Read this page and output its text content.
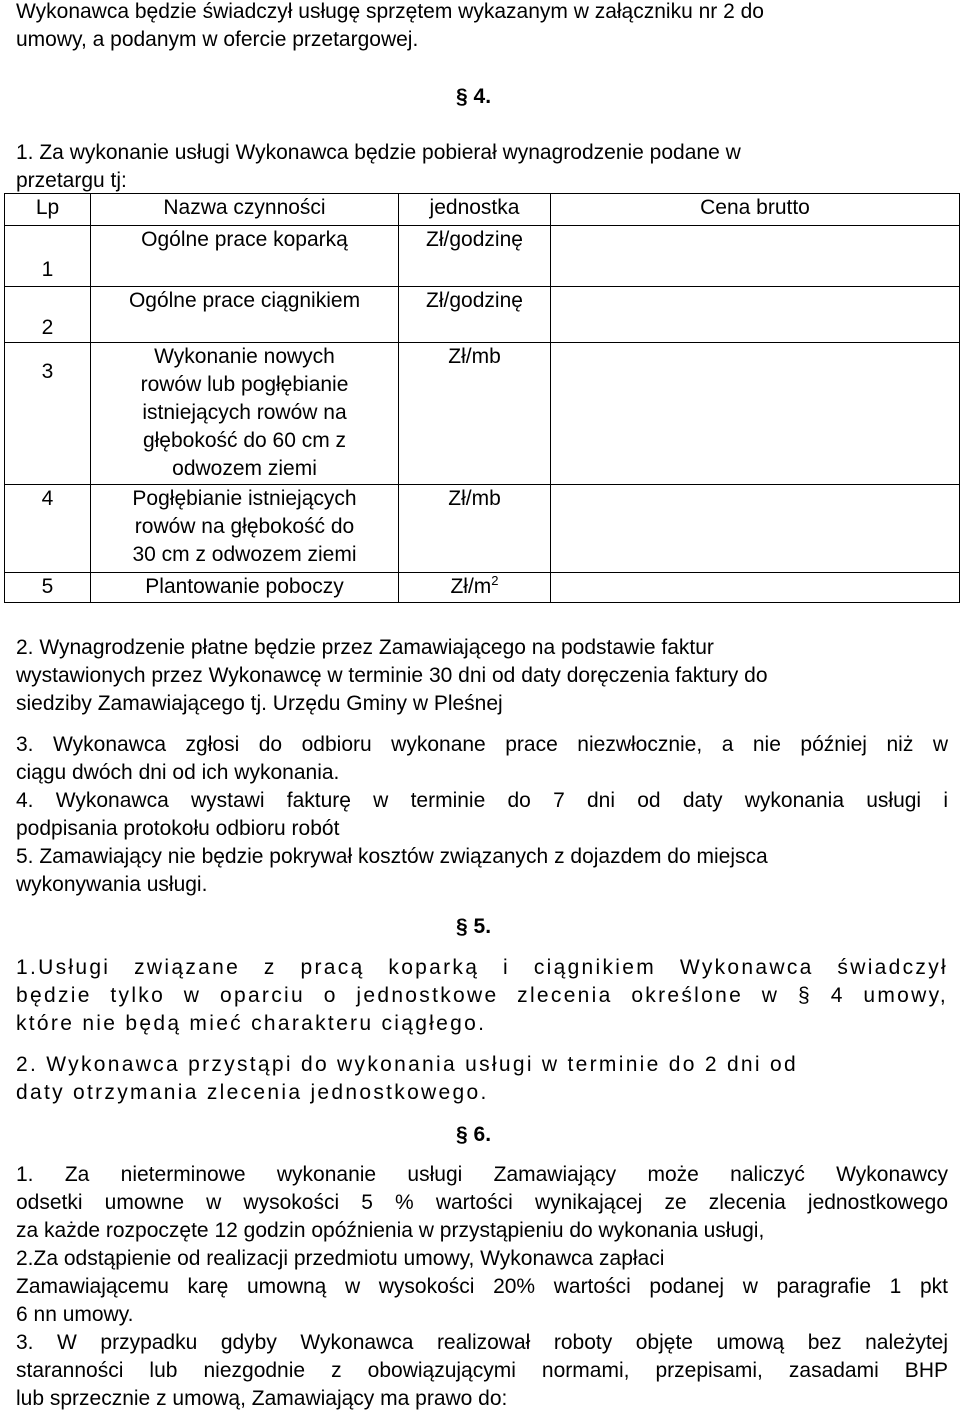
Wykonawca będzie świadczył usługę sprzętem wykazanym w załączniku nr 2 do
umowy, a podanym w ofercie przetargowej.
§ 4.
1. Za wykonanie usługi Wykonawca będzie pobierał wynagrodzenie podane w
przetargu tj:
Lp	Nazwa czynności	jednostka	Cena brutto
1	Ogólne prace koparką	Zł/godzinę	
2	Ogólne prace ciągnikiem	Zł/godzinę	
3	Wykonanie nowych
rowów lub pogłębianie
istniejących rowów na
głębokość do 60 cm z
odwozem ziemi	Zł/mb	
4	Pogłębianie istniejących
rowów na głębokość do
30 cm z odwozem ziemi	Zł/mb	
5	Plantowanie poboczy	$Zł/m^2$	
2. Wynagrodzenie płatne będzie przez Zamawiającego na podstawie faktur
wystawionych przez Wykonawcę w terminie 30 dni od daty doręczenia faktury do
siedziby Zamawiającego tj. Urzędu Gminy w Pleśnej
3. Wykonawca zgłosi do odbioru wykonane prace niezwłocznie, a nie później niż w
ciągu dwóch dni od ich wykonania.
4. Wykonawca wystawi fakturę w terminie do 7 dni od daty wykonania usługi i
podpisania protokołu odbioru robót
5. Zamawiający nie będzie pokrywał kosztów związanych z dojazdem do miejsca
wykonywania usługi.
§ 5.
1.Usługi związane z pracą koparką i ciągnikiem Wykonawca świadczył
będzie tylko w oparciu o jednostkowe zlecenia określone w § 4 umowy,
które nie będą mieć charakteru ciągłego.
2. Wykonawca przystąpi do wykonania usługi w terminie do 2 dni od
daty otrzymania zlecenia jednostkowego.
§ 6.
1. Za nieterminowe wykonanie usługi Zamawiający może naliczyć Wykonawcy
odsetki umowne w wysokości 5 % wartości wynikającej ze zlecenia jednostkowego
za każde rozpoczęte 12 godzin opóźnienia w przystąpieniu do wykonania usługi,
2.Za odstąpienie od realizacji przedmiotu umowy, Wykonawca zapłaci
Zamawiającemu karę umowną w wysokości 20% wartości podanej w paragrafie 1 pkt
6 nn umowy.
3. W przypadku gdyby Wykonawca realizował roboty objęte umową bez należytej
staranności lub niezgodnie z obowiązującymi normami, przepisami, zasadami BHP
lub sprzecznie z umową, Zamawiający ma prawo do:
